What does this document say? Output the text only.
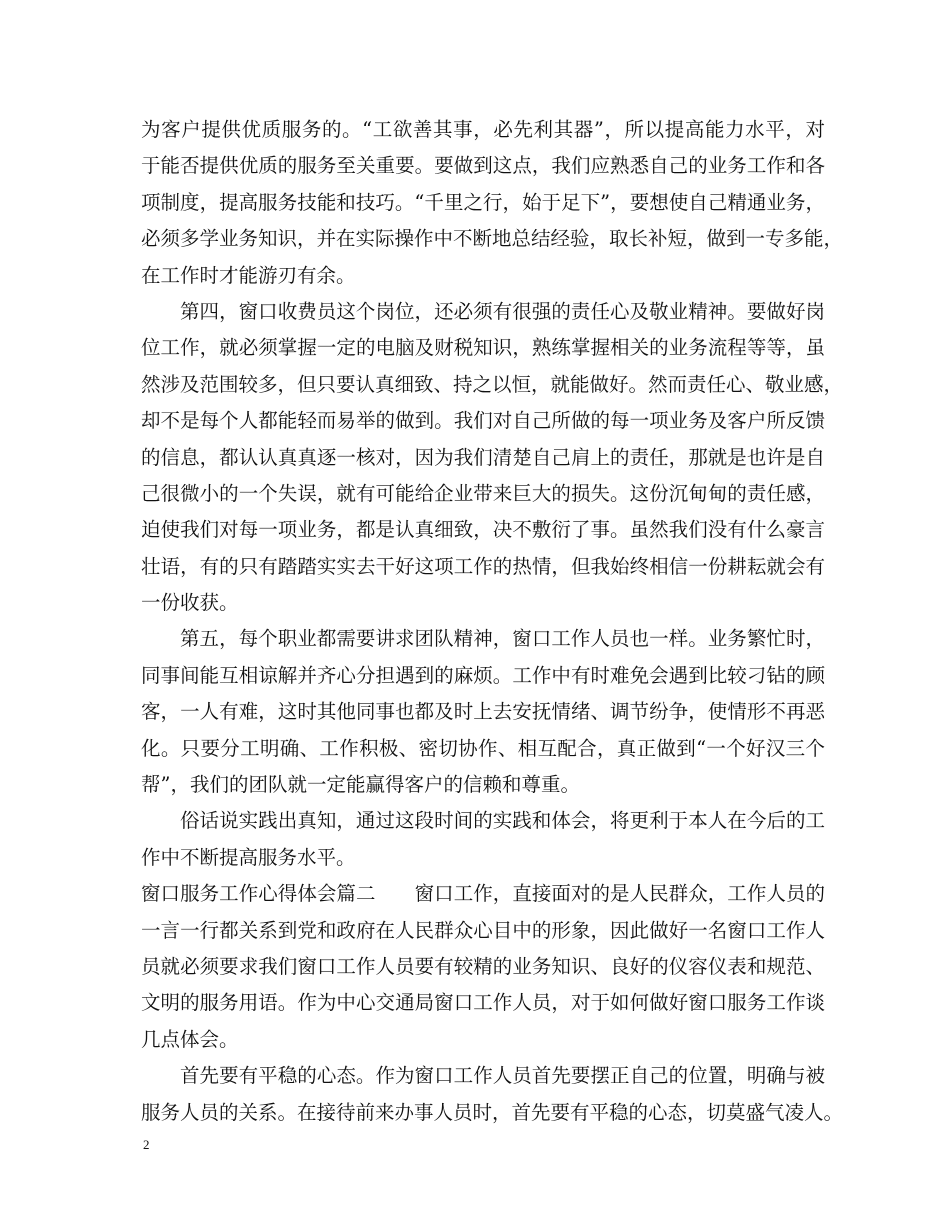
为客户提供优质服务的。“工欲善其事，必先利其器”，所以提高能力水平，对
于能否提供优质的服务至关重要。要做到这点，我们应熟悉自己的业务工作和各
项制度，提高服务技能和技巧。“千里之行，始于足下”，要想使自己精通业务，
必须多学业务知识，并在实际操作中不断地总结经验，取长补短，做到一专多能，
在工作时才能游刃有余。
第四，窗口收费员这个岗位，还必须有很强的责任心及敬业精神。要做好岗
位工作，就必须掌握一定的电脑及财税知识，熟练掌握相关的业务流程等等，虽
然涉及范围较多，但只要认真细致、持之以恒，就能做好。然而责任心、敬业感，
却不是每个人都能轻而易举的做到。我们对自己所做的每一项业务及客户所反馈
的信息，都认认真真逐一核对，因为我们清楚自己肩上的责任，那就是也许是自
己很微小的一个失误，就有可能给企业带来巨大的损失。这份沉甸甸的责任感，
迫使我们对每一项业务，都是认真细致，决不敷衍了事。虽然我们没有什么豪言
壮语，有的只有踏踏实实去干好这项工作的热情，但我始终相信一份耕耘就会有
一份收获。
第五，每个职业都需要讲求团队精神，窗口工作人员也一样。业务繁忙时，
同事间能互相谅解并齐心分担遇到的麻烦。工作中有时难免会遇到比较刁钻的顾
客，一人有难，这时其他同事也都及时上去安抚情绪、调节纷争，使情形不再恶
化。只要分工明确、工作积极、密切协作、相互配合，真正做到“一个好汉三个
帮”，我们的团队就一定能赢得客户的信赖和尊重。
俗话说实践出真知，通过这段时间的实践和体会，将更利于本人在今后的工
作中不断提高服务水平。
窗口服务工作心得体会篇二　　窗口工作，直接面对的是人民群众，工作人员的
一言一行都关系到党和政府在人民群众心目中的形象，因此做好一名窗口工作人
员就必须要求我们窗口工作人员要有较精的业务知识、良好的仪容仪表和规范、
文明的服务用语。作为中心交通局窗口工作人员，对于如何做好窗口服务工作谈
几点体会。
首先要有平稳的心态。作为窗口工作人员首先要摆正自己的位置，明确与被
服务人员的关系。在接待前来办事人员时，首先要有平稳的心态，切莫盛气凌人。
2
